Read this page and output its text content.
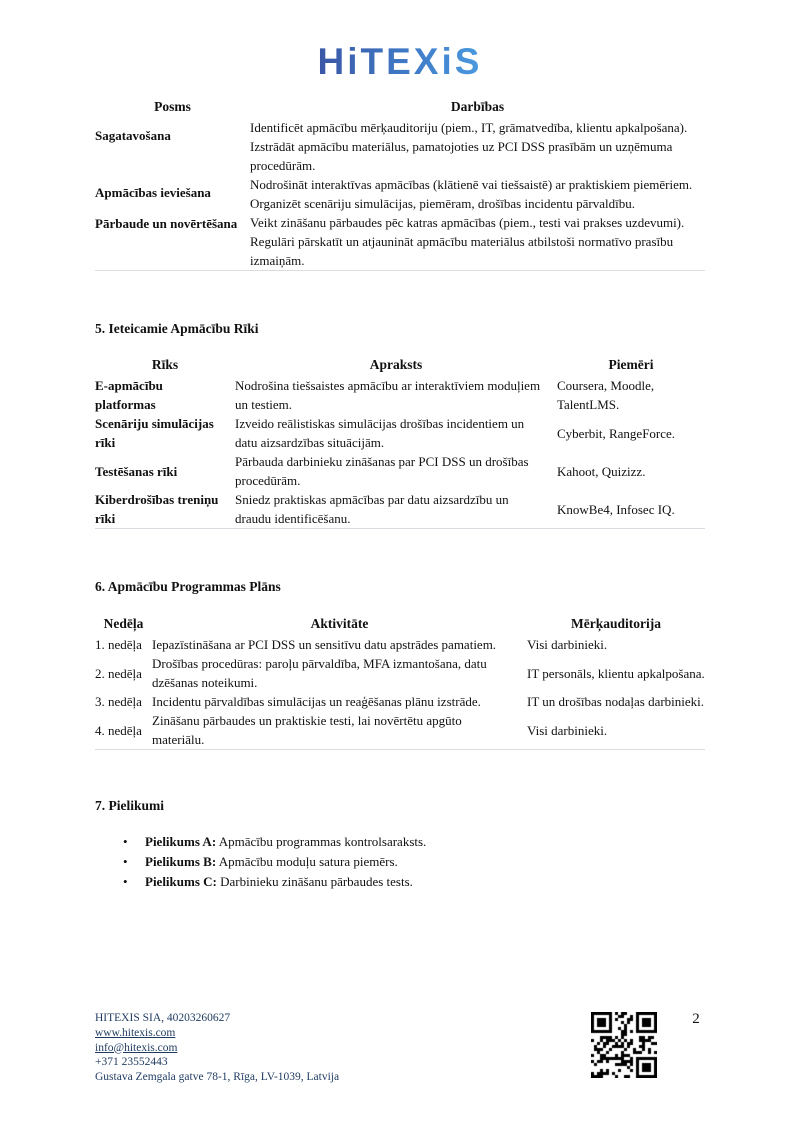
HiTEXiS
Posms	Darbības
Sagatavošana	Identificēt apmācību mērķauditoriju (piem., IT, grāmatvedība, klientu apkalpošana).
	Izstrādāt apmācību materiālus, pamatojoties uz PCI DSS prasībām un uzņēmuma procedūrām.
Apmācības ieviešana	Nodrošināt interaktīvas apmācības (klātienē vai tiešsaistē) ar praktiskiem piemēriem.
	Organizēt scenāriju simulācijas, piemēram, drošības incidentu pārvaldību.
Pārbaude un novērtēšana	Veikt zināšanu pārbaudes pēc katras apmācības (piem., testi vai prakses uzdevumi).
	Regulāri pārskatīt un atjaunināt apmācību materiālus atbilstoši normatīvo prasību izmaiņām.
5. Ieteicamie Apmācību Rīki
Rīks	Apraksts	Piemēri
E-apmācību platformas	Nodrošina tiešsaistes apmācību ar interaktīviem moduļiem un testiem.	Coursera, Moodle, TalentLMS.
Scenāriju simulācijas rīki	Izveido reālistiskas simulācijas drošības incidentiem un datu aizsardzības situācijām.	Cyberbit, RangeForce.
Testēšanas rīki	Pārbauda darbinieku zināšanas par PCI DSS un drošības procedūrām.	Kahoot, Quizizz.
Kiberdrošības treniņu rīki	Sniedz praktiskas apmācības par datu aizsardzību un draudu identificēšanu.	KnowBe4, Infosec IQ.
6. Apmācību Programmas Plāns
Nedēļa	Aktivitāte	Mērķauditorija
1. nedēļa	Iepazīstināšana ar PCI DSS un sensitīvu datu apstrādes pamatiem.	Visi darbinieki.
2. nedēļa	Drošības procedūras: paroļu pārvaldība, MFA izmantošana, datu dzēšanas noteikumi.	IT personāls, klientu apkalpošana.
3. nedēļa	Incidentu pārvaldības simulācijas un reaģēšanas plānu izstrāde.	IT un drošības nodaļas darbinieki.
4. nedēļa	Zināšanu pārbaudes un praktiskie testi, lai novērtētu apgūto materiālu.	Visi darbinieki.
7. Pielikumi
• Pielikums A: Apmācību programmas kontrolsaraksts.
• Pielikums B: Apmācību moduļu satura piemērs.
• Pielikums C: Darbinieku zināšanu pārbaudes tests.
HITEXIS SIA, 40203260627
www.hitexis.com
info@hitexis.com
+371 23552443
Gustava Zemgala gatve 78-1, Rīga, LV-1039, Latvija
2
